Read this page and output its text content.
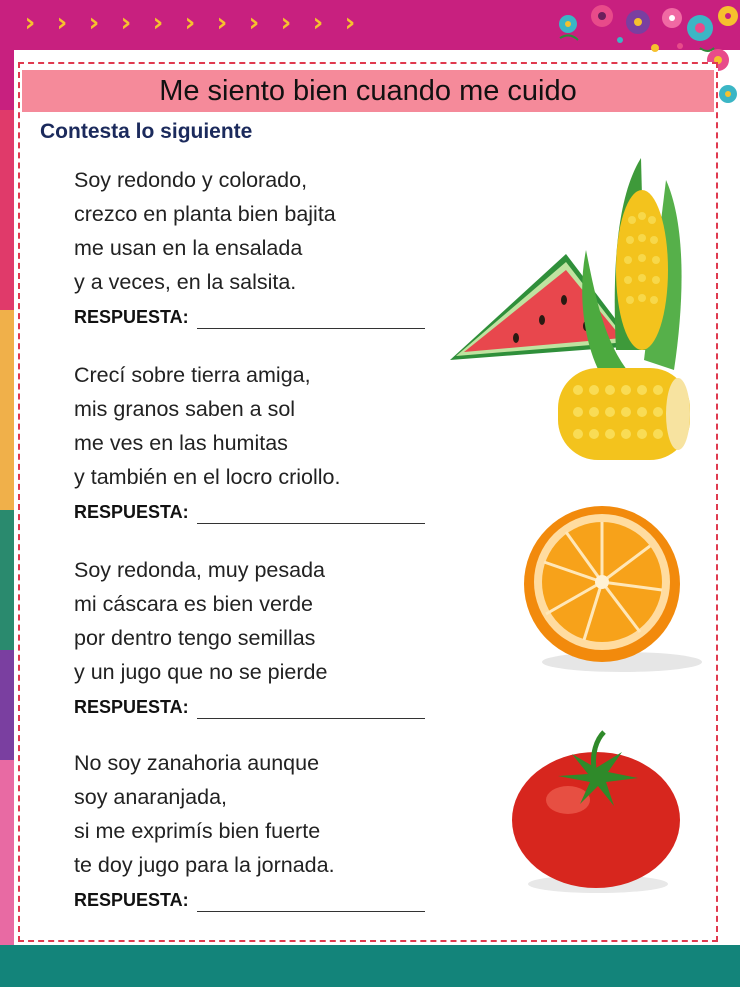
› › › › › › › › › › ›
Me siento bien cuando me cuido
Contesta lo siguiente
Soy redondo y colorado,
crezco en planta bien bajita
me usan en la ensalada
y a veces, en la salsita.
RESPUESTA:
Crecí sobre tierra amiga,
mis granos saben a sol
me ves en las humitas
y también en el locro criollo.
RESPUESTA:
Soy redonda, muy pesada
mi cáscara es bien verde
por dentro tengo semillas
y un jugo que no se pierde
RESPUESTA:
No soy zanahoria aunque
soy anaranjada,
si me exprimís bien fuerte
te doy jugo para la jornada.
RESPUESTA:
